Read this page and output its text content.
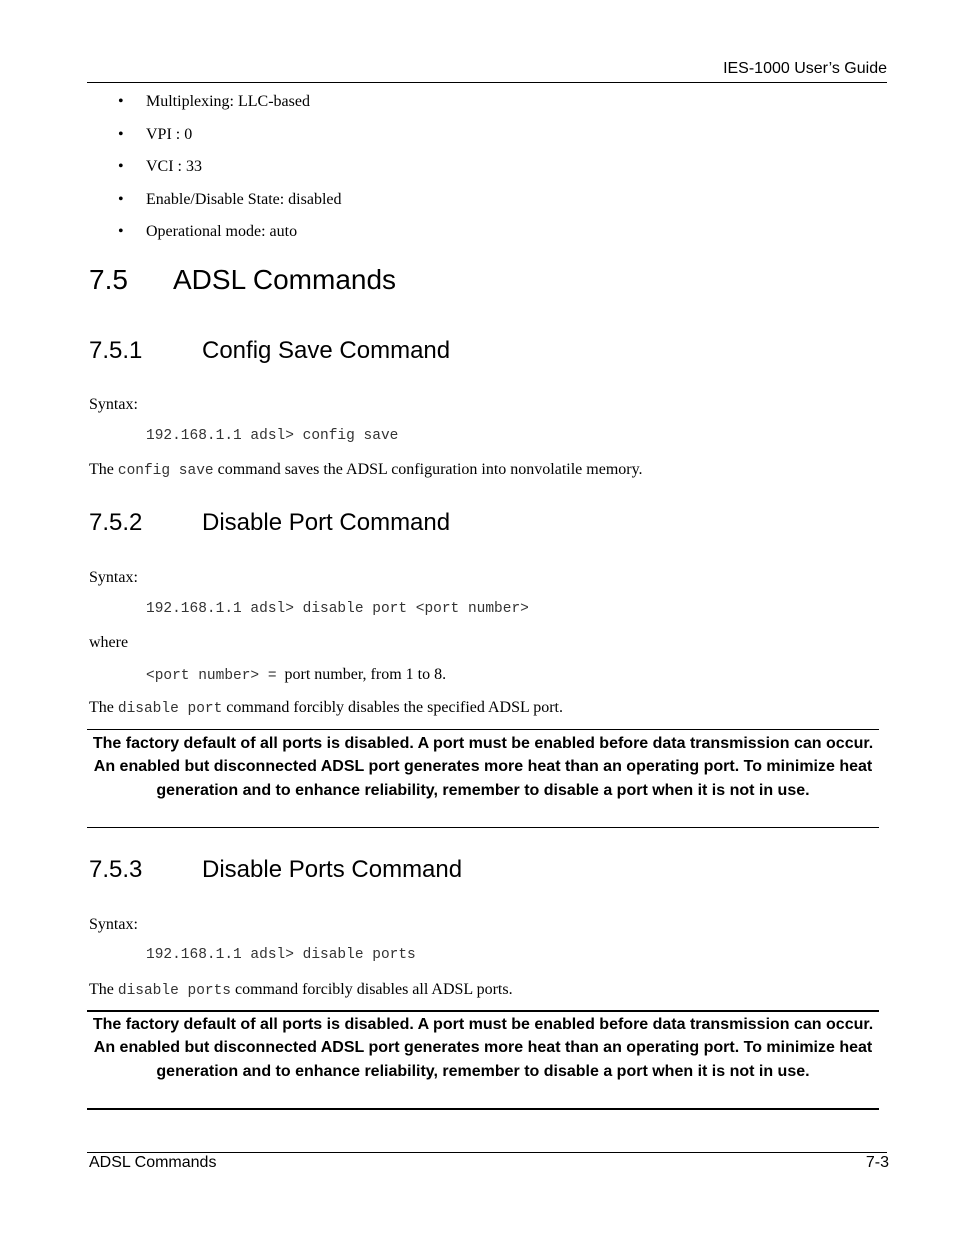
IES-1000 User’s Guide
• Multiplexing: LLC-based
• VPI : 0
• VCI : 33
• Enable/Disable State: disabled
• Operational mode: auto
7.5 ADSL Commands
7.5.1 Config Save Command
Syntax:
192.168.1.1 adsl> config save
The config save command saves the ADSL configuration into nonvolatile memory.
7.5.2 Disable Port Command
Syntax:
192.168.1.1 adsl> disable port <port number>
where
<port number> = port number, from 1 to 8.
The disable port command forcibly disables the specified ADSL port.
The factory default of all ports is disabled. A port must be enabled before data transmission can occur. An enabled but disconnected ADSL port generates more heat than an operating port. To minimize heat generation and to enhance reliability, remember to disable a port when it is not in use.
7.5.3 Disable Ports Command
Syntax:
192.168.1.1 adsl> disable ports
The disable ports command forcibly disables all ADSL ports.
The factory default of all ports is disabled. A port must be enabled before data transmission can occur. An enabled but disconnected ADSL port generates more heat than an operating port. To minimize heat generation and to enhance reliability, remember to disable a port when it is not in use.
ADSL Commands	7-3
